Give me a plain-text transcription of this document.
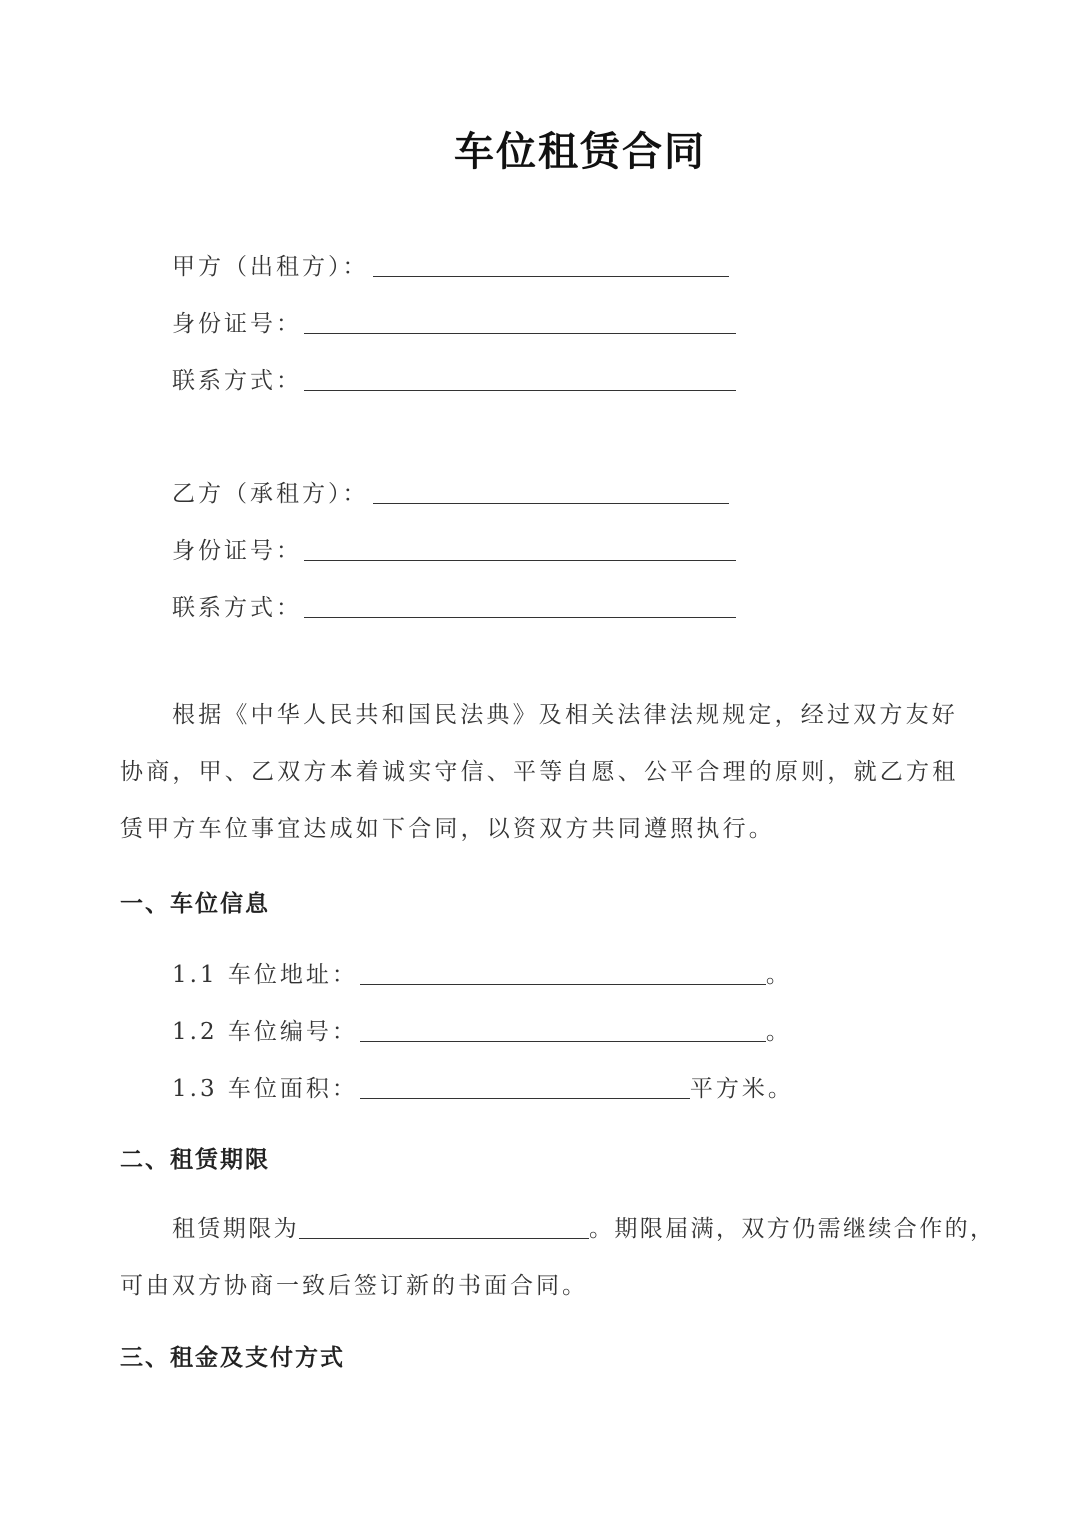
车位租赁合同
甲方（出租方）：
身份证号：
联系方式：
乙方（承租方）：
身份证号：
联系方式：
根据《中华人民共和国民法典》及相关法律法规规定，经过双方友好协商，甲、乙双方本着诚实守信、平等自愿、公平合理的原则，就乙方租赁甲方车位事宜达成如下合同，以资双方共同遵照执行。
一、车位信息
1.1 车位地址：	。
1.2 车位编号：	。
1.3 车位面积：	平方米。
二、租赁期限
租赁期限为	。期限届满，双方仍需继续合作的，
可由双方协商一致后签订新的书面合同。
三、租金及支付方式
